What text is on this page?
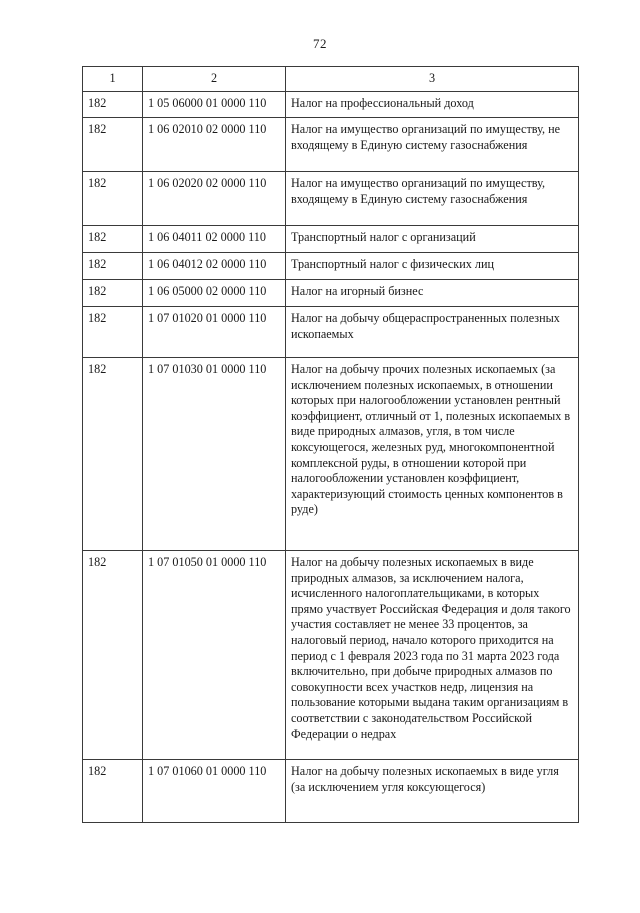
72
1	2	3
182	1 05 06000 01 0000 110	Налог на профессиональный доход
182	1 06 02010 02 0000 110	Налог на имущество организаций по имуществу, не входящему в Единую систему газоснабжения
182	1 06 02020 02 0000 110	Налог на имущество организаций по имуществу, входящему в Единую систему газоснабжения
182	1 06 04011 02 0000 110	Транспортный налог с организаций
182	1 06 04012 02 0000 110	Транспортный налог с физических лиц
182	1 06 05000 02 0000 110	Налог на игорный бизнес
182	1 07 01020 01 0000 110	Налог на добычу общераспространенных полезных ископаемых
182	1 07 01030 01 0000 110	Налог на добычу прочих полезных ископаемых (за исключением полезных ископаемых, в отношении которых при налогообложении установлен рентный коэффициент, отличный от 1, полезных ископаемых в виде природных алмазов, угля, в том числе коксующегося, железных руд, многокомпонентной комплексной руды, в отношении которой при налогообложении установлен коэффициент, характеризующий стоимость ценных компонентов в руде)
182	1 07 01050 01 0000 110	Налог на добычу полезных ископаемых в виде природных алмазов, за исключением налога, исчисленного налогоплательщиками, в которых прямо участвует Российская Федерация и доля такого участия составляет не менее 33 процентов, за налоговый период, начало которого приходится на период с 1 февраля 2023 года по 31 марта 2023 года включительно, при добыче природных алмазов по совокупности всех участков недр, лицензия на пользование которыми выдана таким организациям в соответствии с законодательством Российской Федерации о недрах
182	1 07 01060 01 0000 110	Налог на добычу полезных ископаемых в виде угля (за исключением угля коксующегося)
